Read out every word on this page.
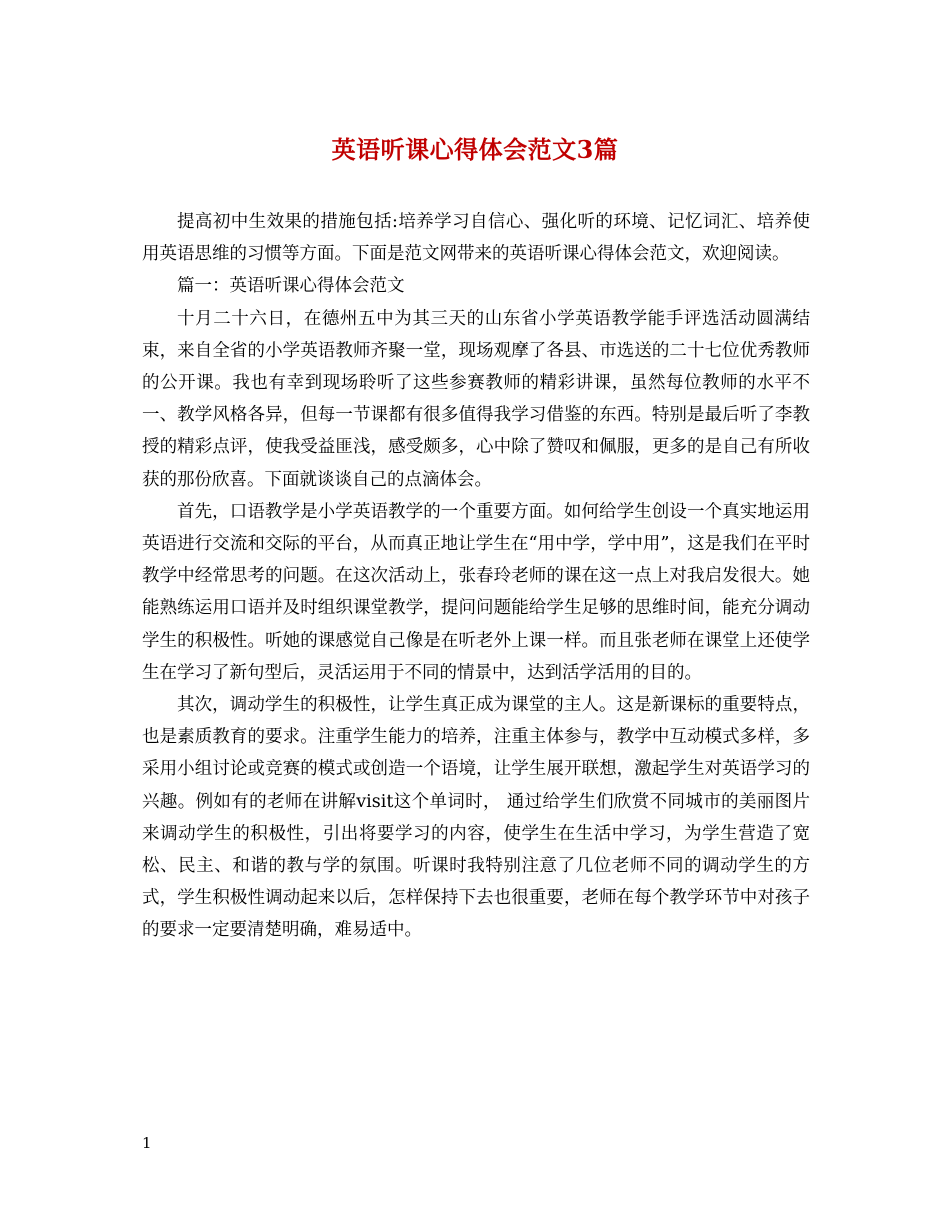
英语听课心得体会范文3篇

提高初中生效果的措施包括:培养学习自信心、强化听的环境、记忆词汇、培养使用英语思维的习惯等方面。下面是范文网带来的英语听课心得体会范文，欢迎阅读。

篇一：英语听课心得体会范文

十月二十六日，在德州五中为其三天的山东省小学英语教学能手评选活动圆满结束，来自全省的小学英语教师齐聚一堂，现场观摩了各县、市选送的二十七位优秀教师的公开课。我也有幸到现场聆听了这些参赛教师的精彩讲课，虽然每位教师的水平不一、教学风格各异，但每一节课都有很多值得我学习借鉴的东西。特别是最后听了李教授的精彩点评，使我受益匪浅，感受颇多，心中除了赞叹和佩服，更多的是自己有所收获的那份欣喜。下面就谈谈自己的点滴体会。

首先，口语教学是小学英语教学的一个重要方面。如何给学生创设一个真实地运用英语进行交流和交际的平台，从而真正地让学生在“用中学，学中用”，这是我们在平时教学中经常思考的问题。在这次活动上，张春玲老师的课在这一点上对我启发很大。她能熟练运用口语并及时组织课堂教学，提问问题能给学生足够的思维时间，能充分调动学生的积极性。听她的课感觉自己像是在听老外上课一样。而且张老师在课堂上还使学生在学习了新句型后，灵活运用于不同的情景中，达到活学活用的目的。

其次，调动学生的积极性，让学生真正成为课堂的主人。这是新课标的重要特点，也是素质教育的要求。注重学生能力的培养，注重主体参与，教学中互动模式多样，多采用小组讨论或竞赛的模式或创造一个语境，让学生展开联想，激起学生对英语学习的兴趣。例如有的老师在讲解visit这个单词时， 通过给学生们欣赏不同城市的美丽图片来调动学生的积极性，引出将要学习的内容，使学生在生活中学习，为学生营造了宽松、民主、和谐的教与学的氛围。听课时我特别注意了几位老师不同的调动学生的方式，学生积极性调动起来以后，怎样保持下去也很重要，老师在每个教学环节中对孩子的要求一定要清楚明确，难易适中。

1
